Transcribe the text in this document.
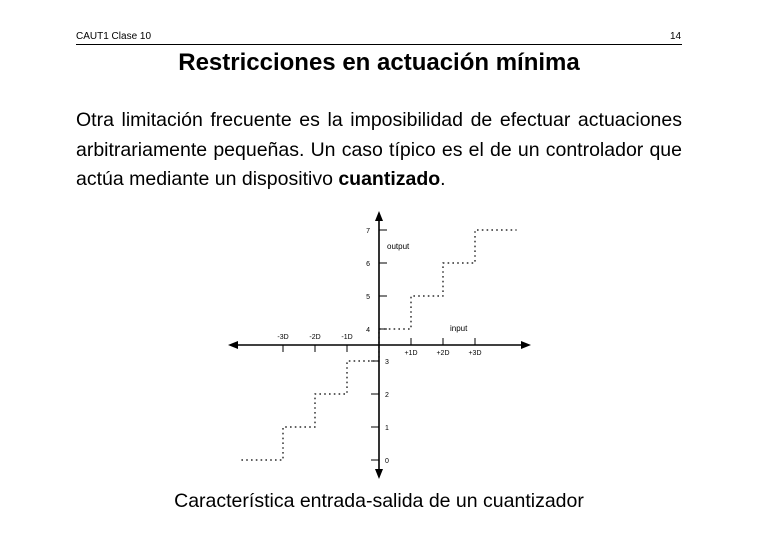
CAUT1 Clase 10	14
Restricciones en actuación mínima
Otra limitación frecuente es la imposibilidad de efectuar actuaciones arbitrariamente pequeñas. Un caso típico es el de un controlador que actúa mediante un dispositivo cuantizado.
-3D	-2D	-1D
+1D	+2D	+3D
7
6
5
4
3
2
1
0
output
input
Característica entrada-salida de un cuantizador
